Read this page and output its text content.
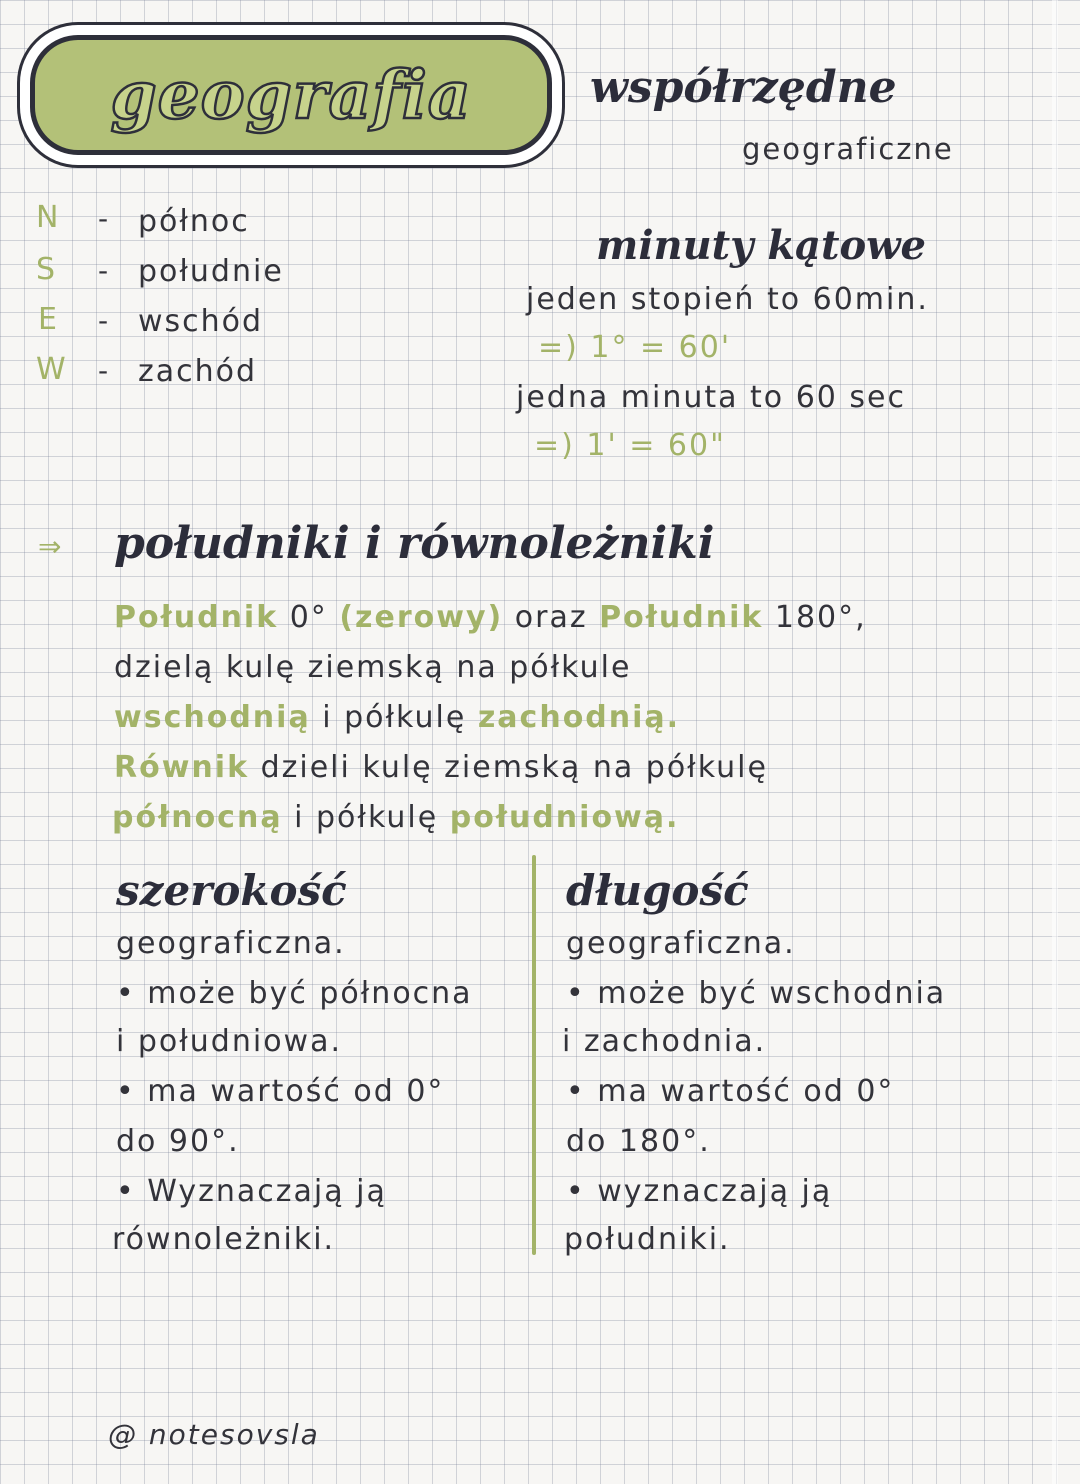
geografia	współrzędne
geograficzne
N - północ
S - południe
E - wschód
W - zachód
minuty kątowe
jeden stopień to 60min.
=) 1° = 60'
jedna minuta to 60 sec
=) 1' = 60"
⇒ południki i równoleżniki
Południk 0° (zerowy) oraz Południk 180°,
dzielą kulę ziemską na półkule
wschodnią i półkulę zachodnią.
Równik dzieli kulę ziemską na półkulę
północną i półkulę południową.
szerokość
geograficzna.
• może być północna
i południowa.
• ma wartość od 0°
do 90°.
• Wyznaczają ją
równoleżniki.
długość
geograficzna.
• może być wschodnia
i zachodnia.
• ma wartość od 0°
do 180°.
• wyznaczają ją
południki.
@ notesovsla
